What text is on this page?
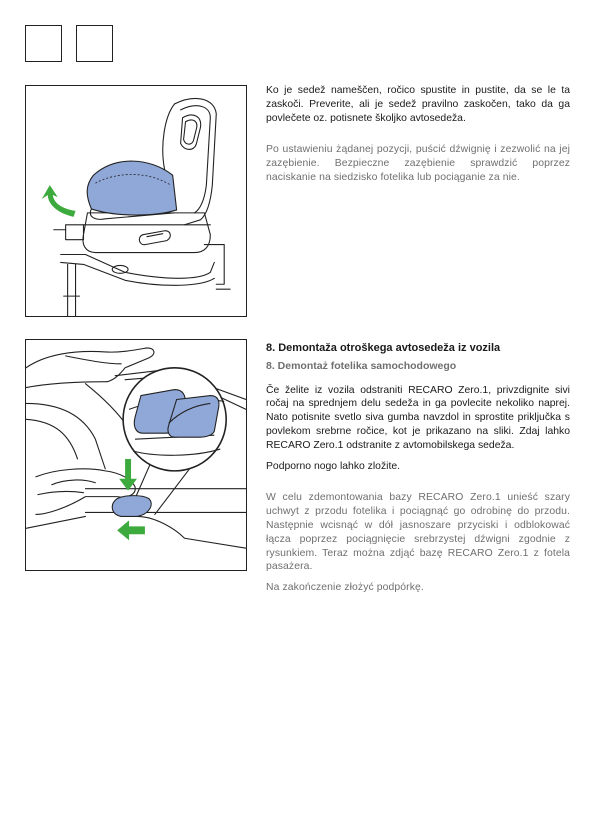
Ko je sedež nameščen, ročico spustite in pustite, da se le ta zaskoči. Preverite, ali je sedež pravilno zaskočen, tako da ga povlečete oz. potisnete školjko avtosedeža.

Po ustawieniu żądanej pozycji, puścić dźwignię i zezwolić na jej zazębienie. Bezpieczne zazębienie sprawdzić poprzez naciskanie na siedzisko fotelika lub pociąganie za nie.

8. Demontaža otroškega avtosedeža iz vozila

8. Demontaż fotelika samochodowego

Če želite iz vozila odstraniti RECARO Zero.1, privzdignite sivi ročaj na sprednjem delu sedeža in ga povlecite nekoliko naprej. Nato potisnite svetlo siva gumba navzdol in sprostite priključka s povlekom srebrne ročice, kot je prikazano na sliki. Zdaj lahko RECARO Zero.1 odstranite z avtomobilskega sedeža.

Podporno nogo lahko zložite.

W celu zdemontowania bazy RECARO Zero.1 unieść szary uchwyt z przodu fotelika i pociągnąć go odrobinę do przodu. Następnie wcisnąć w dół jasnoszare przyciski i odblokować łącza poprzez pociągnięcie srebrzystej dźwigni zgodnie z rysunkiem. Teraz można zdjąć bazę RECARO Zero.1 z fotela pasażera.

Na zakończenie złożyć podpórkę.
